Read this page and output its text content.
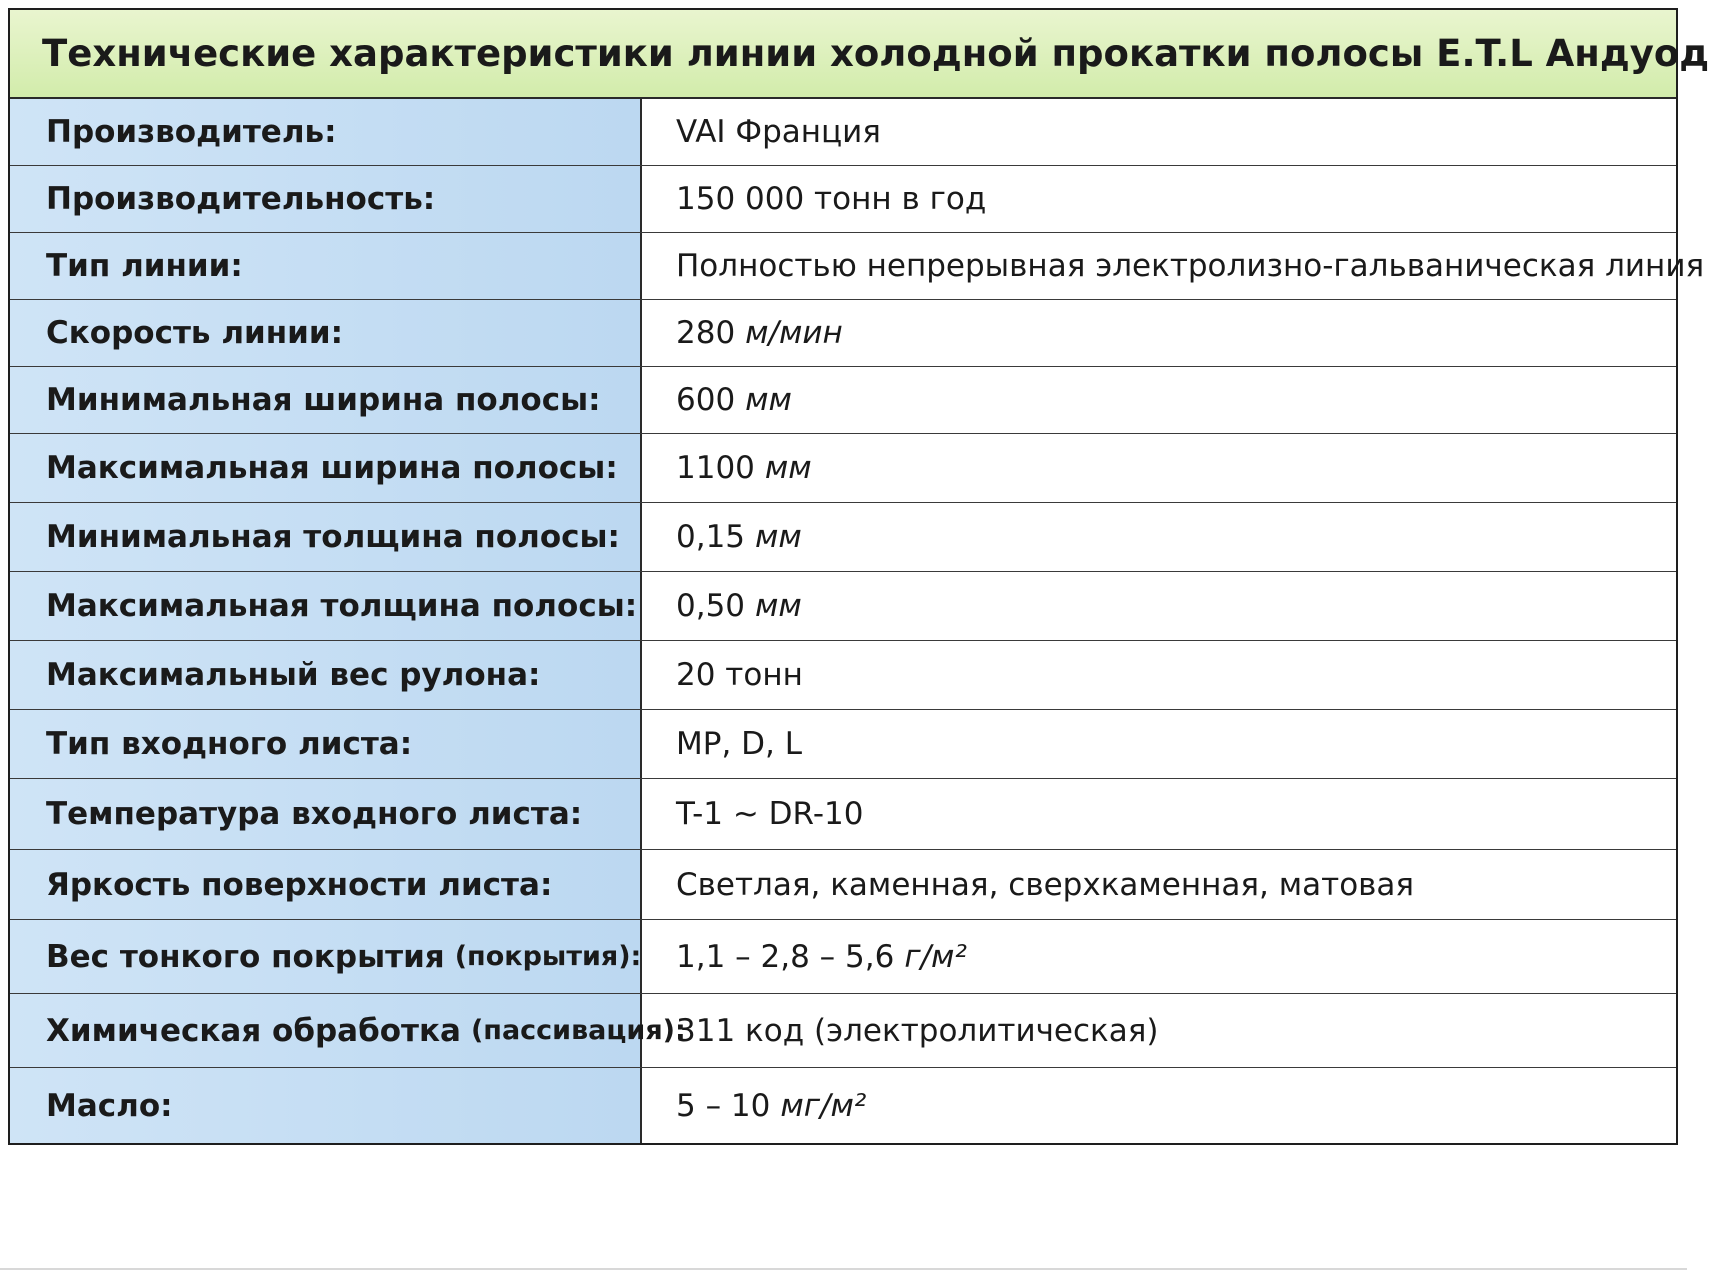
Технические характеристики линии холодной прокатки полосы E.T.L Андуод
Производитель:	VAI Франция
Производительность:	150 000 тонн в год
Тип линии:	Полностью непрерывная электролизно-гальваническая линия
Скорость линии:	280 м/мин
Минимальная ширина полосы: 600 мм
Максимальная ширина полосы: 1100 мм
Минимальная толщина полосы: 0,15 мм
Максимальная толщина полосы: 0,50 мм
Максимальный вес рулона:	20 тонн
Тип входного листа:	MP, D, L
Температура входного листа:	T-1 ~ DR-10
Яркость поверхности листа:	Светлая, каменная, сверхкаменная, матовая
Вес тонкого покрытия (покрытия): 1,1 – 2,8 – 5,6 г/м²
Химическая обработка (пассивация):
311 код (электролитическая)
Масло:	5 – 10 мг/м²
